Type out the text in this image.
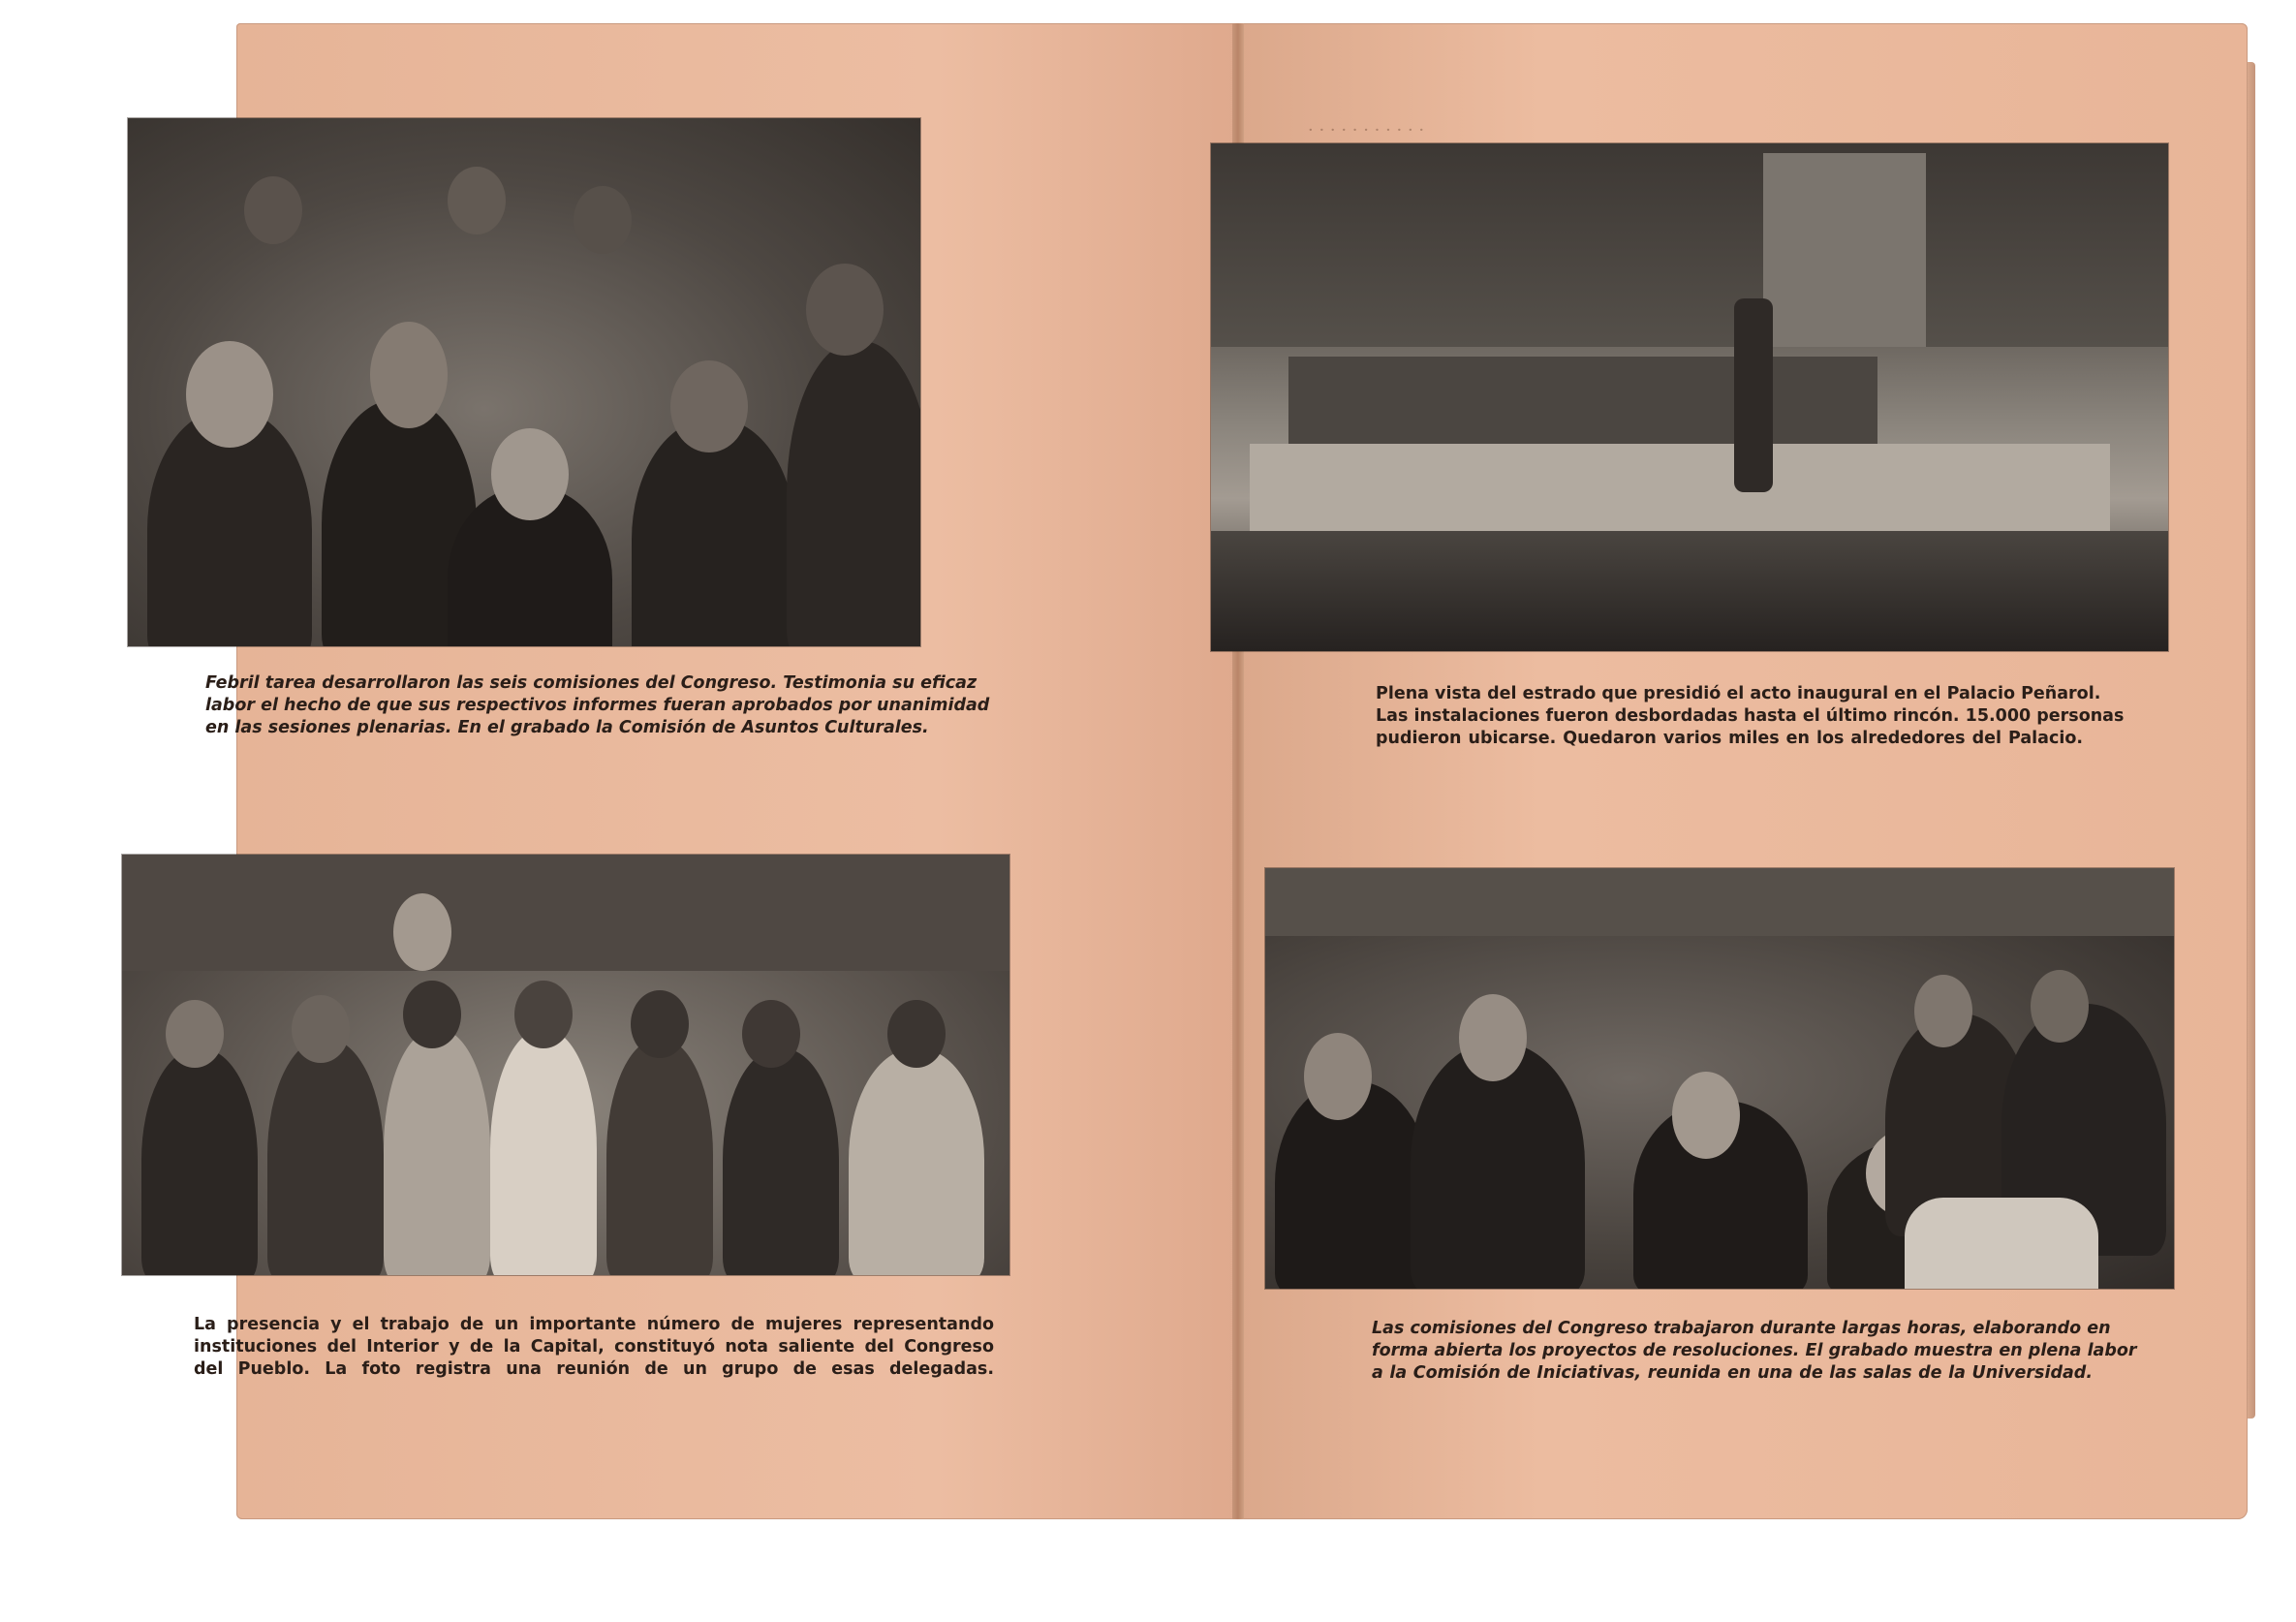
· · · · · · · · · · ·

Febril tarea desarrollaron las seis comisiones del Congreso. Testimonia su eficaz
labor el hecho de que sus respectivos informes fueran aprobados por unanimidad
en las sesiones plenarias. En el grabado la Comisión de Asuntos Culturales.

Plena vista del estrado que presidió el acto inaugural en el Palacio Peñarol.
Las instalaciones fueron desbordadas hasta el último rincón. 15.000 personas
pudieron ubicarse. Quedaron varios miles en los alrededores del Palacio.

La presencia y el trabajo de un importante número de mujeres representando
instituciones del Interior y de la Capital, constituyó nota saliente del Congreso
del Pueblo. La foto registra una reunión de un grupo de esas delegadas.

Las comisiones del Congreso trabajaron durante largas horas, elaborando en
forma abierta los proyectos de resoluciones. El grabado muestra en plena labor
a la Comisión de Iniciativas, reunida en una de las salas de la Universidad.
